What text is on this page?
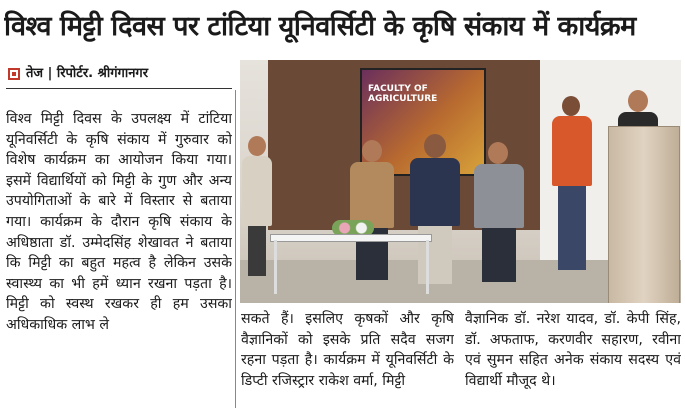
विश्व मिट्टी दिवस पर टांटिया यूनिवर्सिटी के कृषि संकाय में कार्यक्रम
तेज | रिपोर्टर. श्रीगंगानगर
विश्व मिट्टी दिवस के उपलक्ष्य में टांटिया यूनिवर्सिटी के कृषि संकाय में गुरुवार को विशेष कार्यक्रम का आयोजन किया गया। इसमें विद्यार्थियों को मिट्टी के गुण और अन्य उपयोगिताओं के बारे में विस्तार से बताया गया। कार्यक्रम के दौरान कृषि संकाय के अधिष्ठाता डॉ. उम्मेदसिंह शेखावत ने बताया कि मिट्टी का बहुत महत्व है लेकिन उसके स्वास्थ्य का भी हमें ध्यान रखना पड़ता है। मिट्टी को स्वस्थ रखकर ही हम उसका अधिकाधिक लाभ ले
FACULTY OF AGRICULTURE
सकते हैं। इसलिए कृषकों और कृषि वैज्ञानिकों को इसके प्रति सदैव सजग रहना पड़ता है। कार्यक्रम में यूनिवर्सिटी के डिप्टी रजिस्ट्रार राकेश वर्मा, मिट्टी
वैज्ञानिक डॉ. नरेश यादव, डॉ. केपी सिंह, डॉ. अफताफ, करणवीर सहारण, रवीना एवं सुमन सहित अनेक संकाय सदस्य एवं विद्यार्थी मौजूद थे।
